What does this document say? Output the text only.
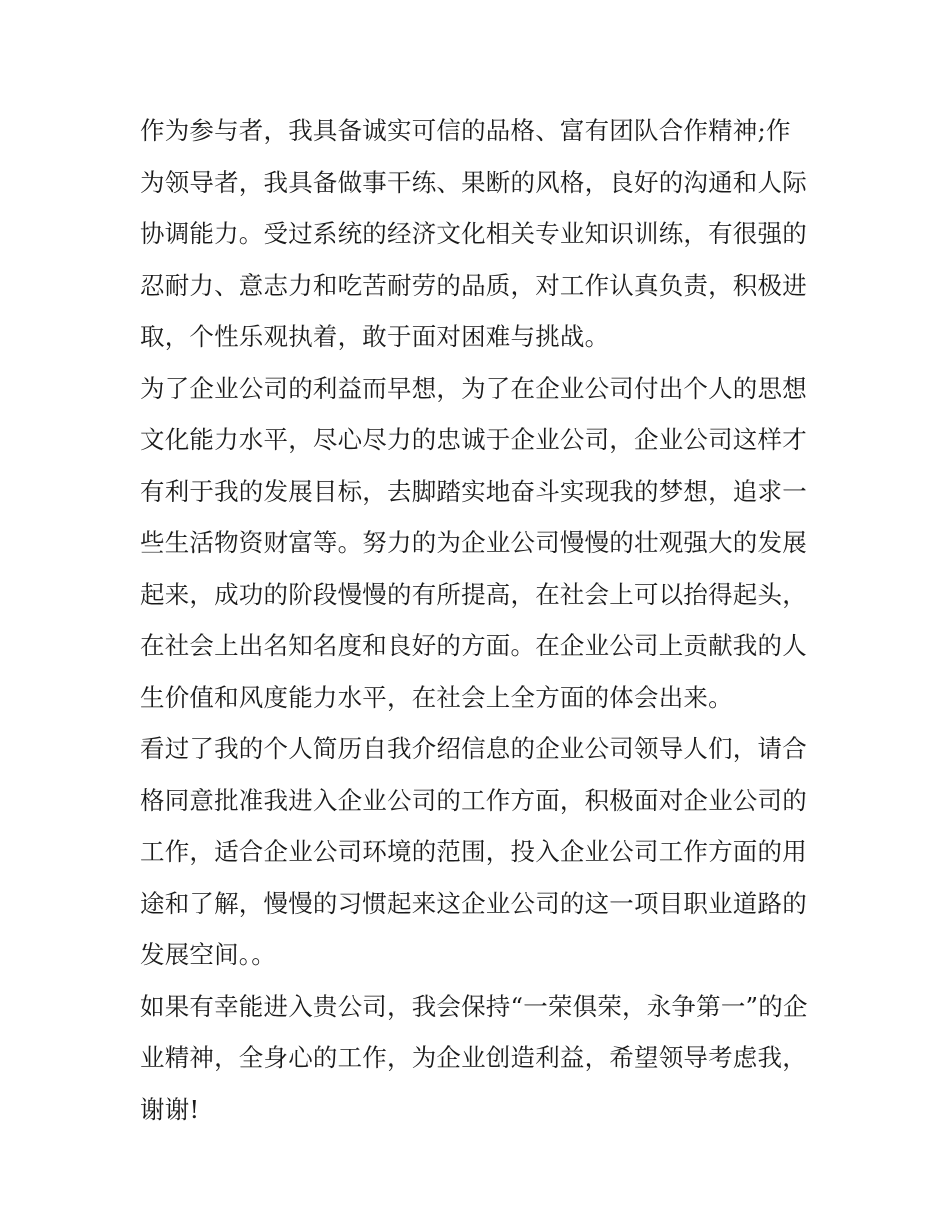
作为参与者，我具备诚实可信的品格、富有团队合作精神;作
为领导者，我具备做事干练、果断的风格，良好的沟通和人际
协调能力。受过系统的经济文化相关专业知识训练，有很强的
忍耐力、意志力和吃苦耐劳的品质，对工作认真负责，积极进
取，个性乐观执着，敢于面对困难与挑战。
为了企业公司的利益而早想，为了在企业公司付出个人的思想
文化能力水平，尽心尽力的忠诚于企业公司，企业公司这样才
有利于我的发展目标，去脚踏实地奋斗实现我的梦想，追求一
些生活物资财富等。努力的为企业公司慢慢的壮观强大的发展
起来，成功的阶段慢慢的有所提高，在社会上可以抬得起头，
在社会上出名知名度和良好的方面。在企业公司上贡献我的人
生价值和风度能力水平，在社会上全方面的体会出来。
看过了我的个人简历自我介绍信息的企业公司领导人们，请合
格同意批准我进入企业公司的工作方面，积极面对企业公司的
工作，适合企业公司环境的范围，投入企业公司工作方面的用
途和了解，慢慢的习惯起来这企业公司的这一项目职业道路的
发展空间。。
如果有幸能进入贵公司，我会保持“一荣俱荣，永争第一”的企
业精神，全身心的工作，为企业创造利益，希望领导考虑我，
谢谢!
